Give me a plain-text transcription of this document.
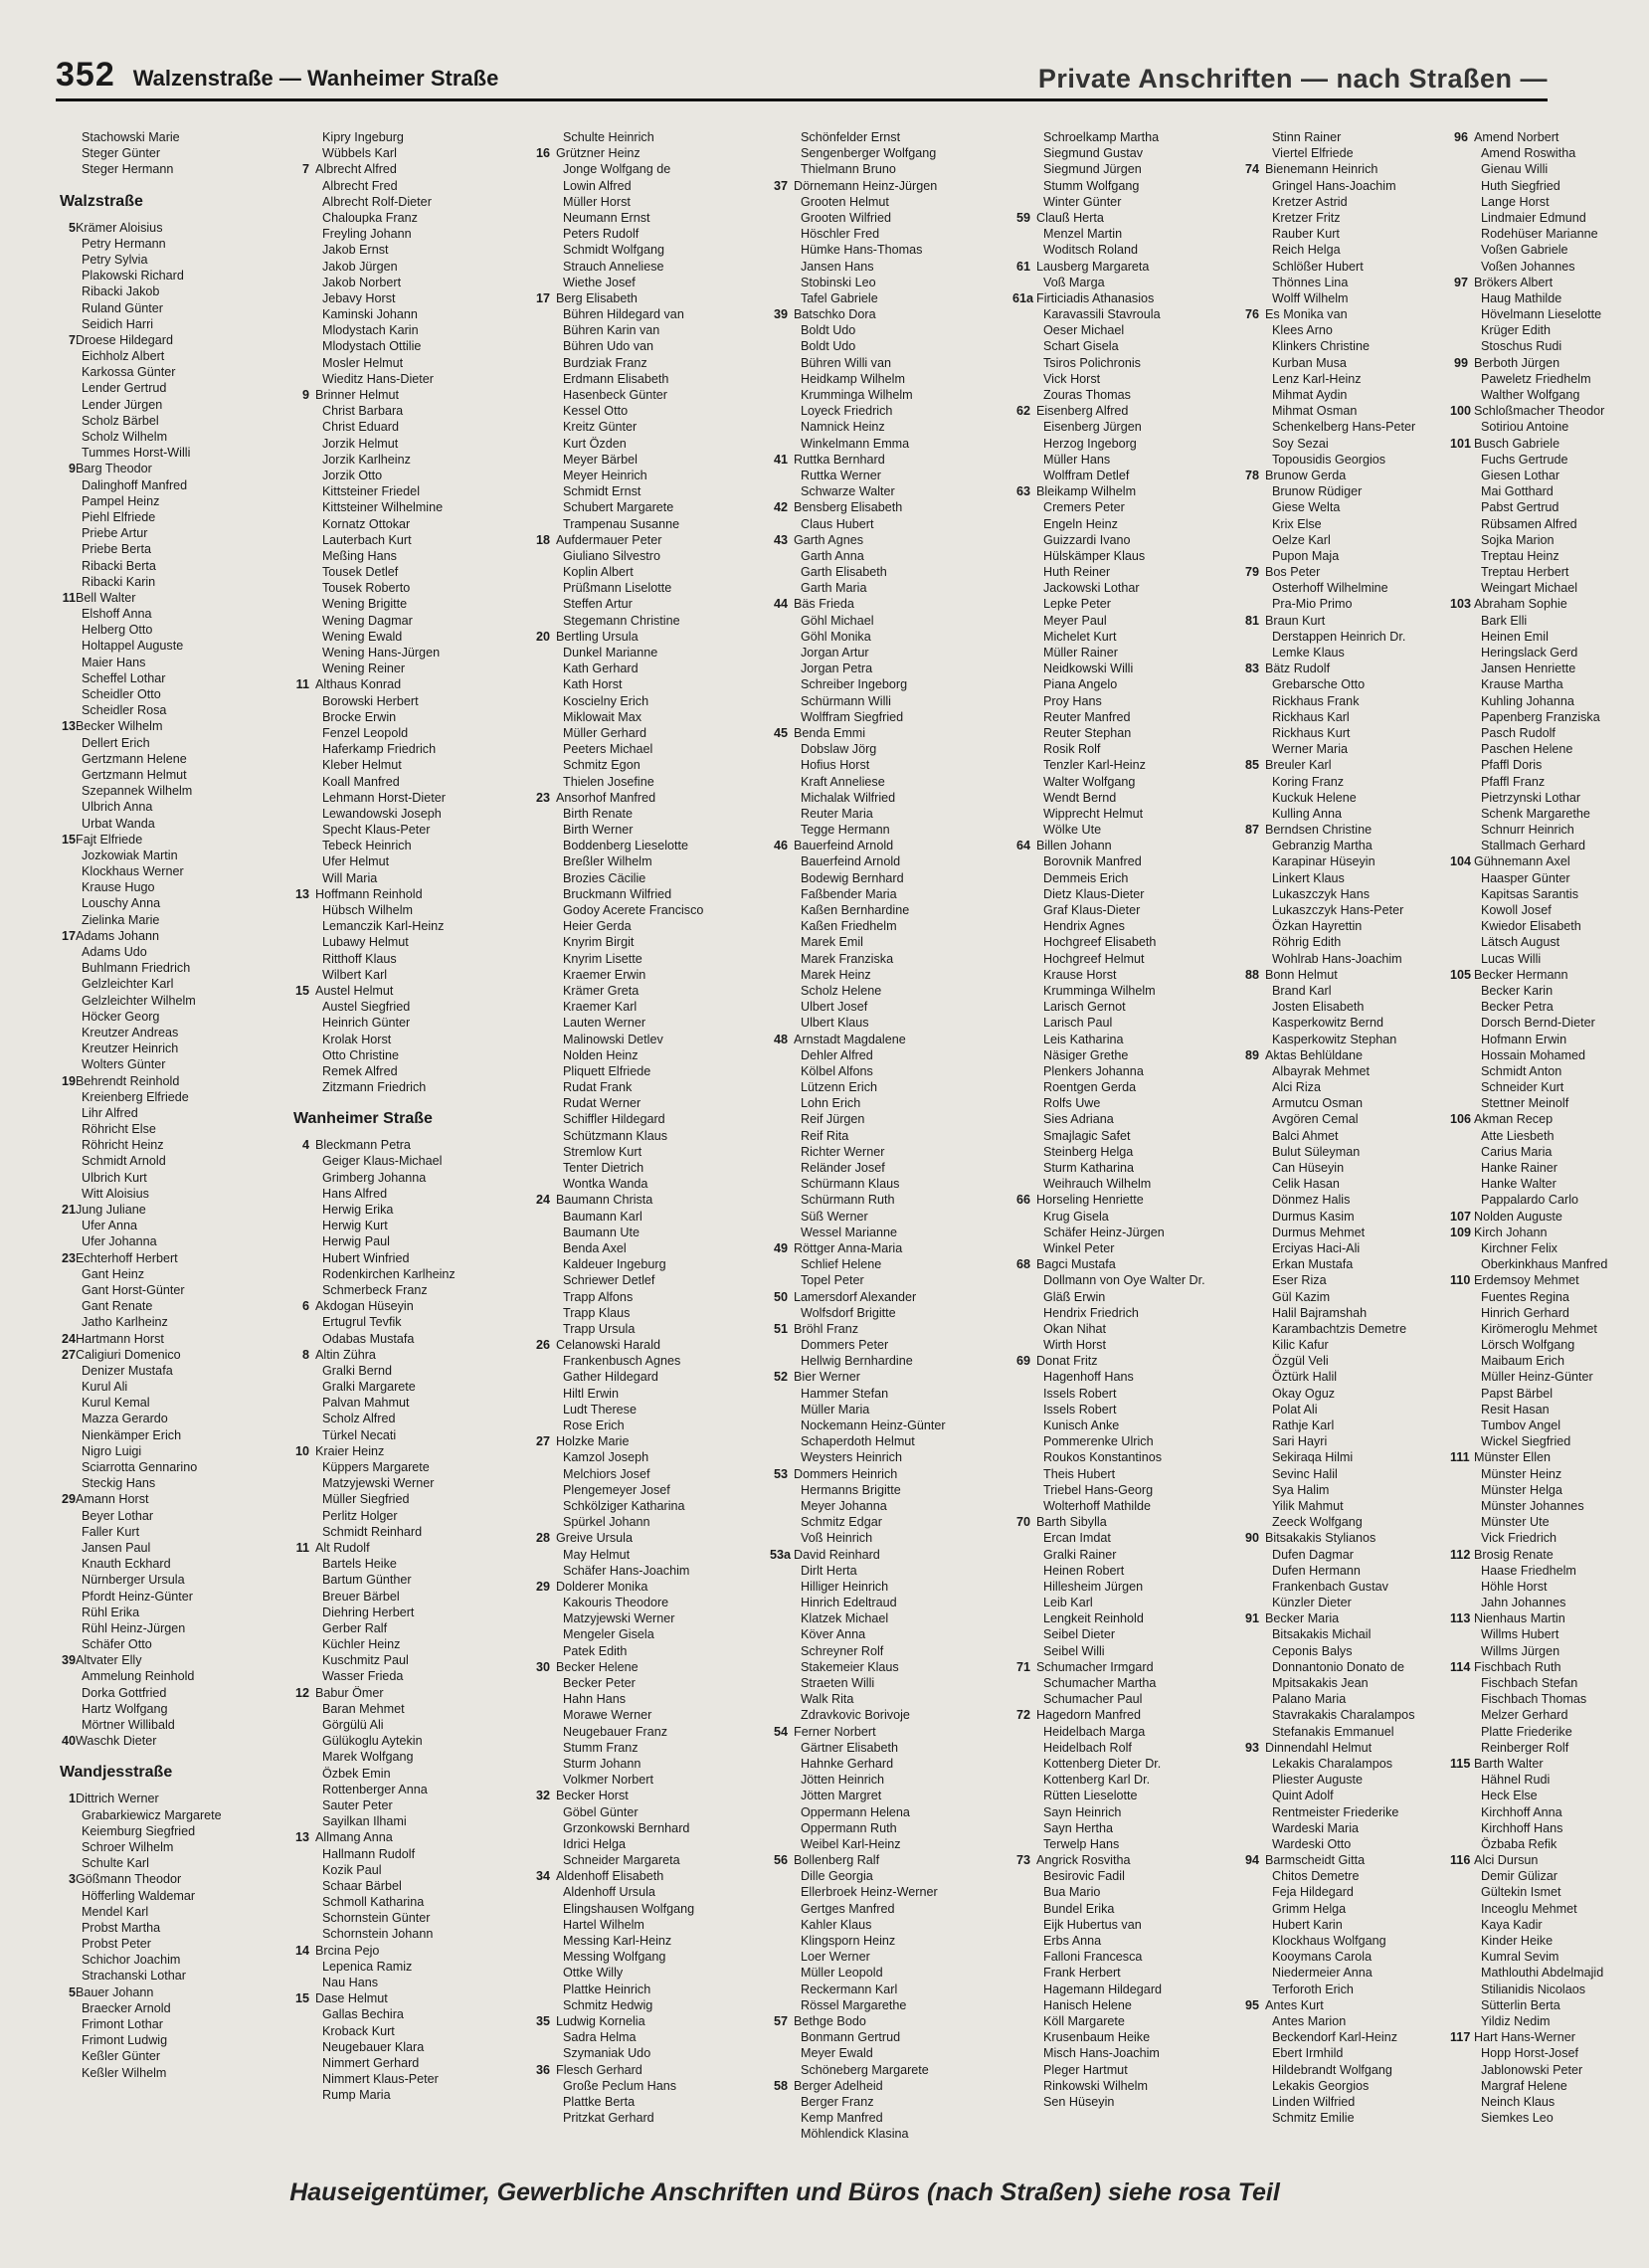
352 Walzenstraße — Wanheimer Straße	Private Anschriften — nach Straßen —
Stachowski Marie
Steger Günter
Steger Hermann
Walzstraße
5 Krämer Aloisius
Petry Hermann
Petry Sylvia
Plakowski Richard
Ribacki Jakob
Ruland Günter
Seidich Harri
7 Droese Hildegard
Eichholz Albert
Karkossa Günter
Lender Gertrud
Lender Jürgen
Scholz Bärbel
Scholz Wilhelm
Tummes Horst-Willi
9 Barg Theodor
Dalinghoff Manfred
Pampel Heinz
Piehl Elfriede
Priebe Artur
Priebe Berta
Ribacki Berta
Ribacki Karin
11 Bell Walter
Elshoff Anna
Helberg Otto
Holtappel Auguste
Maier Hans
Scheffel Lothar
Scheidler Otto
Scheidler Rosa
13 Becker Wilhelm
Dellert Erich
Gertzmann Helene
Gertzmann Helmut
Szepannek Wilhelm
Ulbrich Anna
Urbat Wanda
15 Fajt Elfriede
Jozkowiak Martin
Klockhaus Werner
Krause Hugo
Louschy Anna
Zielinka Marie
17 Adams Johann
Adams Udo
Buhlmann Friedrich
Gelzleichter Karl
Gelzleichter Wilhelm
Höcker Georg
Kreutzer Andreas
Kreutzer Heinrich
Wolters Günter
19 Behrendt Reinhold
Kreienberg Elfriede
Lihr Alfred
Röhricht Else
Röhricht Heinz
Schmidt Arnold
Ulbrich Kurt
Witt Aloisius
21 Jung Juliane
Ufer Anna
Ufer Johanna
23 Echterhoff Herbert
Gant Heinz
Gant Horst-Günter
Gant Renate
Jatho Karlheinz
24 Hartmann Horst
27 Caligiuri Domenico
Denizer Mustafa
Kurul Ali
Kurul Kemal
Mazza Gerardo
Nienkämper Erich
Nigro Luigi
Sciarrotta Gennarino
Steckig Hans
29 Amann Horst
Beyer Lothar
Faller Kurt
Jansen Paul
Knauth Eckhard
Nürnberger Ursula
Pfordt Heinz-Günter
Rühl Erika
Rühl Heinz-Jürgen
Schäfer Otto
39 Altvater Elly
Ammelung Reinhold
Dorka Gottfried
Hartz Wolfgang
Mörtner Willibald
40 Waschk Dieter
Wandjesstraße
1 Dittrich Werner
Grabarkiewicz Margarete
Keiemburg Siegfried
Schroer Wilhelm
Schulte Karl
3 Gößmann Theodor
Höfferling Waldemar
Mendel Karl
Probst Martha
Probst Peter
Schichor Joachim
Strachanski Lothar
5 Bauer Johann
Braecker Arnold
Frimont Lothar
Frimont Ludwig
Keßler Günter
Keßler Wilhelm
Kipry Ingeburg
Wübbels Karl
7 Albrecht Alfred
Albrecht Fred
Albrecht Rolf-Dieter
Chaloupka Franz
Freyling Johann
Jakob Ernst
Jakob Jürgen
Jakob Norbert
Jebavy Horst
Kaminski Johann
Mlodystach Karin
Mlodystach Ottilie
Mosler Helmut
Wieditz Hans-Dieter
9 Brinner Helmut
Christ Barbara
Christ Eduard
Jorzik Helmut
Jorzik Karlheinz
Jorzik Otto
Kittsteiner Friedel
Kittsteiner Wilhelmine
Kornatz Ottokar
Lauterbach Kurt
Meßing Hans
Tousek Detlef
Tousek Roberto
Wening Brigitte
Wening Dagmar
Wening Ewald
Wening Hans-Jürgen
Wening Reiner
11 Althaus Konrad
Borowski Herbert
Brocke Erwin
Fenzel Leopold
Haferkamp Friedrich
Kleber Helmut
Koall Manfred
Lehmann Horst-Dieter
Lewandowski Joseph
Specht Klaus-Peter
Tebeck Heinrich
Ufer Helmut
Will Maria
13 Hoffmann Reinhold
Hübsch Wilhelm
Lemanczik Karl-Heinz
Lubawy Helmut
Ritthoff Klaus
Wilbert Karl
15 Austel Helmut
Austel Siegfried
Heinrich Günter
Krolak Horst
Otto Christine
Remek Alfred
Zitzmann Friedrich
Wanheimer Straße
4 Bleckmann Petra
Geiger Klaus-Michael
Grimberg Johanna
Hans Alfred
Herwig Erika
Herwig Kurt
Herwig Paul
Hubert Winfried
Rodenkirchen Karlheinz
Schmerbeck Franz
6 Akdogan Hüseyin
Ertugrul Tevfik
Odabas Mustafa
8 Altin Zühra
Gralki Bernd
Gralki Margarete
Palvan Mahmut
Scholz Alfred
Türkel Necati
10 Kraier Heinz
Küppers Margarete
Matzyjewski Werner
Müller Siegfried
Perlitz Holger
Schmidt Reinhard
11 Alt Rudolf
Bartels Heike
Bartum Günther
Breuer Bärbel
Diehring Herbert
Gerber Ralf
Küchler Heinz
Kuschmitz Paul
Wasser Frieda
12 Babur Ömer
Baran Mehmet
Görgülü Ali
Gülükoglu Aytekin
Marek Wolfgang
Özbek Emin
Rottenberger Anna
Sauter Peter
Sayilkan Ilhami
13 Allmang Anna
Hallmann Rudolf
Kozik Paul
Schaar Bärbel
Schmoll Katharina
Schornstein Günter
Schornstein Johann
14 Brcina Pejo
Lepenica Ramiz
Nau Hans
15 Dase Helmut
Gallas Bechira
Kroback Kurt
Neugebauer Klara
Nimmert Gerhard
Nimmert Klaus-Peter
Rump Maria
Schulte Heinrich
16 Grützner Heinz
Jonge Wolfgang de
Lowin Alfred
Müller Horst
Neumann Ernst
Peters Rudolf
Schmidt Wolfgang
Strauch Anneliese
Wiethe Josef
17 Berg Elisabeth
Bühren Hildegard van
Bühren Karin van
Bühren Udo van
Burdziak Franz
Erdmann Elisabeth
Hasenbeck Günter
Kessel Otto
Kreitz Günter
Kurt Özden
Meyer Bärbel
Meyer Heinrich
Schmidt Ernst
Schubert Margarete
Trampenau Susanne
18 Aufdermauer Peter
Giuliano Silvestro
Koplin Albert
Prüßmann Liselotte
Steffen Artur
Stegemann Christine
20 Bertling Ursula
Dunkel Marianne
Kath Gerhard
Kath Horst
Koscielny Erich
Miklowait Max
Müller Gerhard
Peeters Michael
Schmitz Egon
Thielen Josefine
23 Ansorhof Manfred
Birth Renate
Birth Werner
Boddenberg Lieselotte
Breßler Wilhelm
Brozies Cäcilie
Bruckmann Wilfried
Godoy Acerete Francisco
Heier Gerda
Knyrim Birgit
Knyrim Lisette
Kraemer Erwin
Krämer Greta
Kraemer Karl
Lauten Werner
Malinowski Detlev
Nolden Heinz
Pliquett Elfriede
Rudat Frank
Rudat Werner
Schiffler Hildegard
Schützmann Klaus
Stremlow Kurt
Tenter Dietrich
Wontka Wanda
24 Baumann Christa
Baumann Karl
Baumann Ute
Benda Axel
Kaldeuer Ingeburg
Schriewer Detlef
Trapp Alfons
Trapp Klaus
Trapp Ursula
26 Celanowski Harald
Frankenbusch Agnes
Gather Hildegard
Hiltl Erwin
Ludt Therese
Rose Erich
27 Holzke Marie
Kamzol Joseph
Melchiors Josef
Plengemeyer Josef
Schkölziger Katharina
Spürkel Johann
28 Greive Ursula
May Helmut
Schäfer Hans-Joachim
29 Dolderer Monika
Kakouris Theodore
Matzyjewski Werner
Mengeler Gisela
Patek Edith
30 Becker Helene
Becker Peter
Hahn Hans
Morawe Werner
Neugebauer Franz
Stumm Franz
Sturm Johann
Volkmer Norbert
32 Becker Horst
Göbel Günter
Grzonkowski Bernhard
Idrici Helga
Schneider Margareta
34 Aldenhoff Elisabeth
Aldenhoff Ursula
Elingshausen Wolfgang
Hartel Wilhelm
Messing Karl-Heinz
Messing Wolfgang
Ottke Willy
Plattke Heinrich
Schmitz Hedwig
35 Ludwig Kornelia
Sadra Helma
Szymaniak Udo
36 Flesch Gerhard
Große Peclum Hans
Plattke Berta
Pritzkat Gerhard
Schönfelder Ernst
Sengenberger Wolfgang
Thielmann Bruno
37 Dörnemann Heinz-Jürgen
Grooten Helmut
Grooten Wilfried
Höschler Fred
Hümke Hans-Thomas
Jansen Hans
Stobinski Leo
Tafel Gabriele
39 Batschko Dora
Boldt Udo
Boldt Udo
Bühren Willi van
Heidkamp Wilhelm
Krumminga Wilhelm
Loyeck Friedrich
Namnick Heinz
Winkelmann Emma
41 Ruttka Bernhard
Ruttka Werner
Schwarze Walter
42 Bensberg Elisabeth
Claus Hubert
43 Garth Agnes
Garth Anna
Garth Elisabeth
Garth Maria
44 Bäs Frieda
Göhl Michael
Göhl Monika
Jorgan Artur
Jorgan Petra
Schreiber Ingeborg
Schürmann Willi
Wolffram Siegfried
45 Benda Emmi
Dobslaw Jörg
Hofius Horst
Kraft Anneliese
Michalak Wilfried
Reuter Maria
Tegge Hermann
46 Bauerfeind Arnold
Bauerfeind Arnold
Bodewig Bernhard
Faßbender Maria
Kaßen Bernhardine
Kaßen Friedhelm
Marek Emil
Marek Franziska
Marek Heinz
Scholz Helene
Ulbert Josef
Ulbert Klaus
48 Arnstadt Magdalene
Dehler Alfred
Kölbel Alfons
Lützenn Erich
Lohn Erich
Reif Jürgen
Reif Rita
Richter Werner
Reländer Josef
Schürmann Klaus
Schürmann Ruth
Süß Werner
Wessel Marianne
49 Röttger Anna-Maria
Schlief Helene
Topel Peter
50 Lamersdorf Alexander
Wolfsdorf Brigitte
51 Bröhl Franz
Dommers Peter
Hellwig Bernhardine
52 Bier Werner
Hammer Stefan
Müller Maria
Nockemann Heinz-Günter
Schaperdoth Helmut
Weysters Heinrich
53 Dommers Heinrich
Hermanns Brigitte
Meyer Johanna
Schmitz Edgar
Voß Heinrich
53a David Reinhard
Dirlt Herta
Hilliger Heinrich
Hinrich Edeltraud
Klatzek Michael
Köver Anna
Schreyner Rolf
Stakemeier Klaus
Straeten Willi
Walk Rita
Zdravkovic Borivoje
54 Ferner Norbert
Gärtner Elisabeth
Hahnke Gerhard
Jötten Heinrich
Jötten Margret
Oppermann Helena
Oppermann Ruth
Weibel Karl-Heinz
56 Bollenberg Ralf
Dille Georgia
Ellerbroek Heinz-Werner
Gertges Manfred
Kahler Klaus
Klingsporn Heinz
Loer Werner
Müller Leopold
Reckermann Karl
Rössel Margarethe
57 Bethge Bodo
Bonmann Gertrud
Meyer Ewald
Schöneberg Margarete
58 Berger Adelheid
Berger Franz
Kemp Manfred
Möhlendick Klasina
Schroelkamp Martha
Siegmund Gustav
Siegmund Jürgen
Stumm Wolfgang
Winter Günter
59 Clauß Herta
Menzel Martin
Woditsch Roland
61 Lausberg Margareta
Voß Marga
61a Firticiadis Athanasios
Karavassili Stavroula
Oeser Michael
Schart Gisela
Tsiros Polichronis
Vick Horst
Zouras Thomas
62 Eisenberg Alfred
Eisenberg Jürgen
Herzog Ingeborg
Müller Hans
Wolffram Detlef
63 Bleikamp Wilhelm
Cremers Peter
Engeln Heinz
Guizzardi Ivano
Hülskämper Klaus
Huth Reiner
Jackowski Lothar
Lepke Peter
Meyer Paul
Michelet Kurt
Müller Rainer
Neidkowski Willi
Piana Angelo
Proy Hans
Reuter Manfred
Reuter Stephan
Rosik Rolf
Tenzler Karl-Heinz
Walter Wolfgang
Wendt Bernd
Wipprecht Helmut
Wölke Ute
64 Billen Johann
Borovnik Manfred
Demmeis Erich
Dietz Klaus-Dieter
Graf Klaus-Dieter
Hendrix Agnes
Hochgreef Elisabeth
Hochgreef Helmut
Krause Horst
Krumminga Wilhelm
Larisch Gernot
Larisch Paul
Leis Katharina
Näsiger Grethe
Plenkers Johanna
Roentgen Gerda
Rolfs Uwe
Sies Adriana
Smajlagic Safet
Steinberg Helga
Sturm Katharina
Weihrauch Wilhelm
66 Horseling Henriette
Krug Gisela
Schäfer Heinz-Jürgen
Winkel Peter
68 Bagci Mustafa
Dollmann von Oye Walter Dr.
Gläß Erwin
Hendrix Friedrich
Okan Nihat
Wirth Horst
69 Donat Fritz
Hagenhoff Hans
Issels Robert
Issels Robert
Kunisch Anke
Pommerenke Ulrich
Roukos Konstantinos
Theis Hubert
Triebel Hans-Georg
Wolterhoff Mathilde
70 Barth Sibylla
Ercan Imdat
Gralki Rainer
Heinen Robert
Hillesheim Jürgen
Leib Karl
Lengkeit Reinhold
Seibel Dieter
Seibel Willi
71 Schumacher Irmgard
Schumacher Martha
Schumacher Paul
72 Hagedorn Manfred
Heidelbach Marga
Heidelbach Rolf
Kottenberg Dieter Dr.
Kottenberg Karl Dr.
Rütten Lieselotte
Sayn Heinrich
Sayn Hertha
Terwelp Hans
73 Angrick Rosvitha
Besirovic Fadil
Bua Mario
Bundel Erika
Eijk Hubertus van
Erbs Anna
Falloni Francesca
Frank Herbert
Hagemann Hildegard
Hanisch Helene
Köll Margarete
Krusenbaum Heike
Misch Hans-Joachim
Pleger Hartmut
Rinkowski Wilhelm
Sen Hüseyin
Stinn Rainer
Viertel Elfriede
74 Bienemann Heinrich
Gringel Hans-Joachim
Kretzer Astrid
Kretzer Fritz
Rauber Kurt
Reich Helga
Schlößer Hubert
Thönnes Lina
Wolff Wilhelm
76 Es Monika van
Klees Arno
Klinkers Christine
Kurban Musa
Lenz Karl-Heinz
Mihmat Aydin
Mihmat Osman
Schenkelberg Hans-Peter
Soy Sezai
Topousidis Georgios
78 Brunow Gerda
Brunow Rüdiger
Giese Welta
Krix Else
Oelze Karl
Pupon Maja
79 Bos Peter
Osterhoff Wilhelmine
Pra-Mio Primo
81 Braun Kurt
Derstappen Heinrich Dr.
Lemke Klaus
83 Bätz Rudolf
Grebarsche Otto
Rickhaus Frank
Rickhaus Karl
Rickhaus Kurt
Werner Maria
85 Breuler Karl
Koring Franz
Kuckuk Helene
Kulling Anna
87 Berndsen Christine
Gebranzig Martha
Karapinar Hüseyin
Linkert Klaus
Lukaszczyk Hans
Lukaszczyk Hans-Peter
Özkan Hayrettin
Röhrig Edith
Wohlrab Hans-Joachim
88 Bonn Helmut
Brand Karl
Josten Elisabeth
Kasperkowitz Bernd
Kasperkowitz Stephan
89 Aktas Behlüldane
Albayrak Mehmet
Alci Riza
Armutcu Osman
Avgören Cemal
Balci Ahmet
Bulut Süleyman
Can Hüseyin
Celik Hasan
Dönmez Halis
Durmus Kasim
Durmus Mehmet
Erciyas Haci-Ali
Erkan Mustafa
Eser Riza
Gül Kazim
Halil Bajramshah
Karambachtzis Demetre
Kilic Kafur
Özgül Veli
Öztürk Halil
Okay Oguz
Polat Ali
Rathje Karl
Sari Hayri
Sekiraqa Hilmi
Sevinc Halil
Sya Halim
Yilik Mahmut
Zeeck Wolfgang
90 Bitsakakis Stylianos
Dufen Dagmar
Dufen Hermann
Frankenbach Gustav
Künzler Dieter
91 Becker Maria
Bitsakakis Michail
Ceponis Balys
Donnantonio Donato de
Mpitsakakis Jean
Palano Maria
Stavrakakis Charalampos
Stefanakis Emmanuel
93 Dinnendahl Helmut
Lekakis Charalampos
Pliester Auguste
Quint Adolf
Rentmeister Friederike
Wardeski Maria
Wardeski Otto
94 Barmscheidt Gitta
Chitos Demetre
Feja Hildegard
Grimm Helga
Hubert Karin
Klockhaus Wolfgang
Kooymans Carola
Niedermeier Anna
Terforoth Erich
95 Antes Kurt
Antes Marion
Beckendorf Karl-Heinz
Ebert Irmhild
Hildebrandt Wolfgang
Lekakis Georgios
Linden Wilfried
Schmitz Emilie
96 Amend Norbert
Amend Roswitha
Gienau Willi
Huth Siegfried
Lange Horst
Lindmaier Edmund
Rodehüser Marianne
Voßen Gabriele
Voßen Johannes
97 Brökers Albert
Haug Mathilde
Hövelmann Lieselotte
Krüger Edith
Stoschus Rudi
99 Berboth Jürgen
Paweletz Friedhelm
Walther Wolfgang
100 Schloßmacher Theodor
Sotiriou Antoine
101 Busch Gabriele
Fuchs Gertrude
Giesen Lothar
Mai Gotthard
Pabst Gertrud
Rübsamen Alfred
Sojka Marion
Treptau Heinz
Treptau Herbert
Weingart Michael
103 Abraham Sophie
Bark Elli
Heinen Emil
Heringslack Gerd
Jansen Henriette
Krause Martha
Kuhling Johanna
Papenberg Franziska
Pasch Rudolf
Paschen Helene
Pfaffl Doris
Pfaffl Franz
Pietrzynski Lothar
Schenk Margarethe
Schnurr Heinrich
Stallmach Gerhard
104 Gühnemann Axel
Haasper Günter
Kapitsas Sarantis
Kowoll Josef
Kwiedor Elisabeth
Lätsch August
Lucas Willi
105 Becker Hermann
Becker Karin
Becker Petra
Dorsch Bernd-Dieter
Hofmann Erwin
Hossain Mohamed
Schmidt Anton
Schneider Kurt
Stettner Meinolf
106 Akman Recep
Atte Liesbeth
Carius Maria
Hanke Rainer
Hanke Walter
Pappalardo Carlo
107 Nolden Auguste
109 Kirch Johann
Kirchner Felix
Oberkinkhaus Manfred
110 Erdemsoy Mehmet
Fuentes Regina
Hinrich Gerhard
Kirömeroglu Mehmet
Lörsch Wolfgang
Maibaum Erich
Müller Heinz-Günter
Papst Bärbel
Resit Hasan
Tumbov Angel
Wickel Siegfried
111 Münster Ellen
Münster Heinz
Münster Helga
Münster Johannes
Münster Ute
Vick Friedrich
112 Brosig Renate
Haase Friedhelm
Höhle Horst
Jahn Johannes
113 Nienhaus Martin
Willms Hubert
Willms Jürgen
114 Fischbach Ruth
Fischbach Stefan
Fischbach Thomas
Melzer Gerhard
Platte Friederike
Reinberger Rolf
115 Barth Walter
Hähnel Rudi
Heck Else
Kirchhoff Anna
Kirchhoff Hans
Özbaba Refik
116 Alci Dursun
Demir Gülizar
Gültekin Ismet
Inceoglu Mehmet
Kaya Kadir
Kinder Heike
Kumral Sevim
Mathlouthi Abdelmajid
Stilianidis Nicolaos
Sütterlin Berta
Yildiz Nedim
117 Hart Hans-Werner
Hopp Horst-Josef
Jablonowski Peter
Margraf Helene
Neinch Klaus
Siemkes Leo
Hauseigentümer, Gewerbliche Anschriften und Büros (nach Straßen) siehe rosa Teil
